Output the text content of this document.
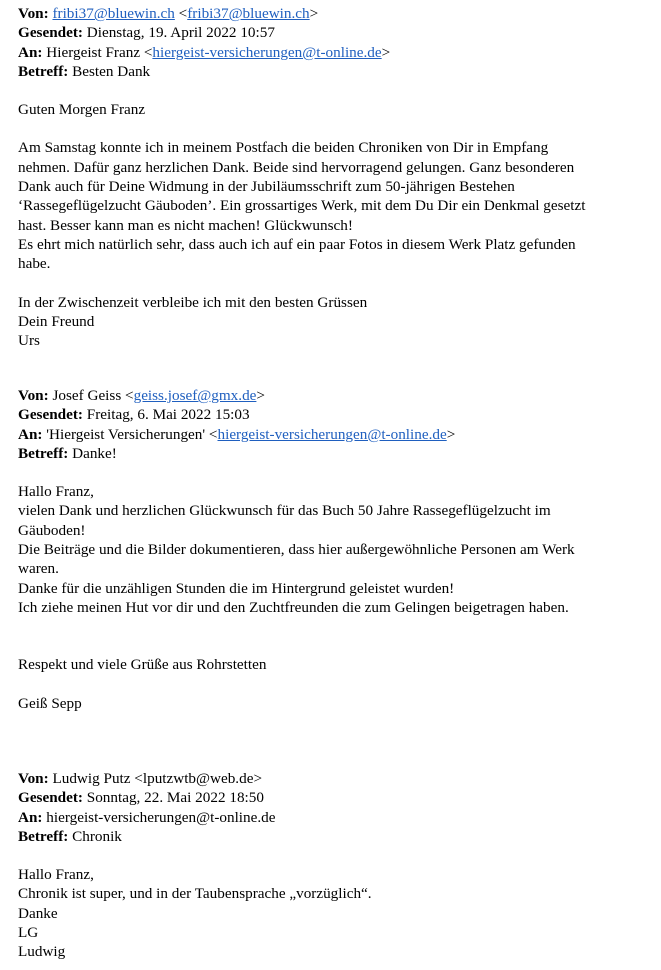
Von: fribi37@bluewin.ch <fribi37@bluewin.ch>

Gesendet: Dienstag, 19. April 2022 10:57

An: Hiergeist Franz <hiergeist-versicherungen@t-online.de>

Betreff: Besten Dank

Guten Morgen Franz

Am Samstag konnte ich in meinem Postfach die beiden Chroniken von Dir in Empfang

nehmen. Dafür ganz herzlichen Dank. Beide sind hervorragend gelungen. Ganz besonderen

Dank auch für Deine Widmung in der Jubiläumsschrift zum 50-jährigen Bestehen

‘Rassegeflügelzucht Gäuboden’. Ein grossartiges Werk, mit dem Du Dir ein Denkmal gesetzt

hast. Besser kann man es nicht machen! Glückwunsch!

Es ehrt mich natürlich sehr, dass auch ich auf ein paar Fotos in diesem Werk Platz gefunden

habe.

In der Zwischenzeit verbleibe ich mit den besten Grüssen

Dein Freund

Urs

Von: Josef Geiss <geiss.josef@gmx.de>

Gesendet: Freitag, 6. Mai 2022 15:03

An: 'Hiergeist Versicherungen' <hiergeist-versicherungen@t-online.de>

Betreff: Danke!

Hallo Franz,

vielen Dank und herzlichen Glückwunsch für das Buch 50 Jahre Rassegeflügelzucht im

Gäuboden!

Die Beiträge und die Bilder dokumentieren, dass hier außergewöhnliche Personen am Werk

waren.

Danke für die unzähligen Stunden die im Hintergrund geleistet wurden!

Ich ziehe meinen Hut vor dir und den Zuchtfreunden die zum Gelingen beigetragen haben.

Respekt und viele Grüße aus Rohrstetten

Geiß Sepp

Von: Ludwig Putz <lputzwtb@web.de>

Gesendet: Sonntag, 22. Mai 2022 18:50

An: hiergeist-versicherungen@t-online.de

Betreff: Chronik

Hallo Franz,

Chronik ist super, und in der Taubensprache „vorzüglich“.

Danke

LG

Ludwig
